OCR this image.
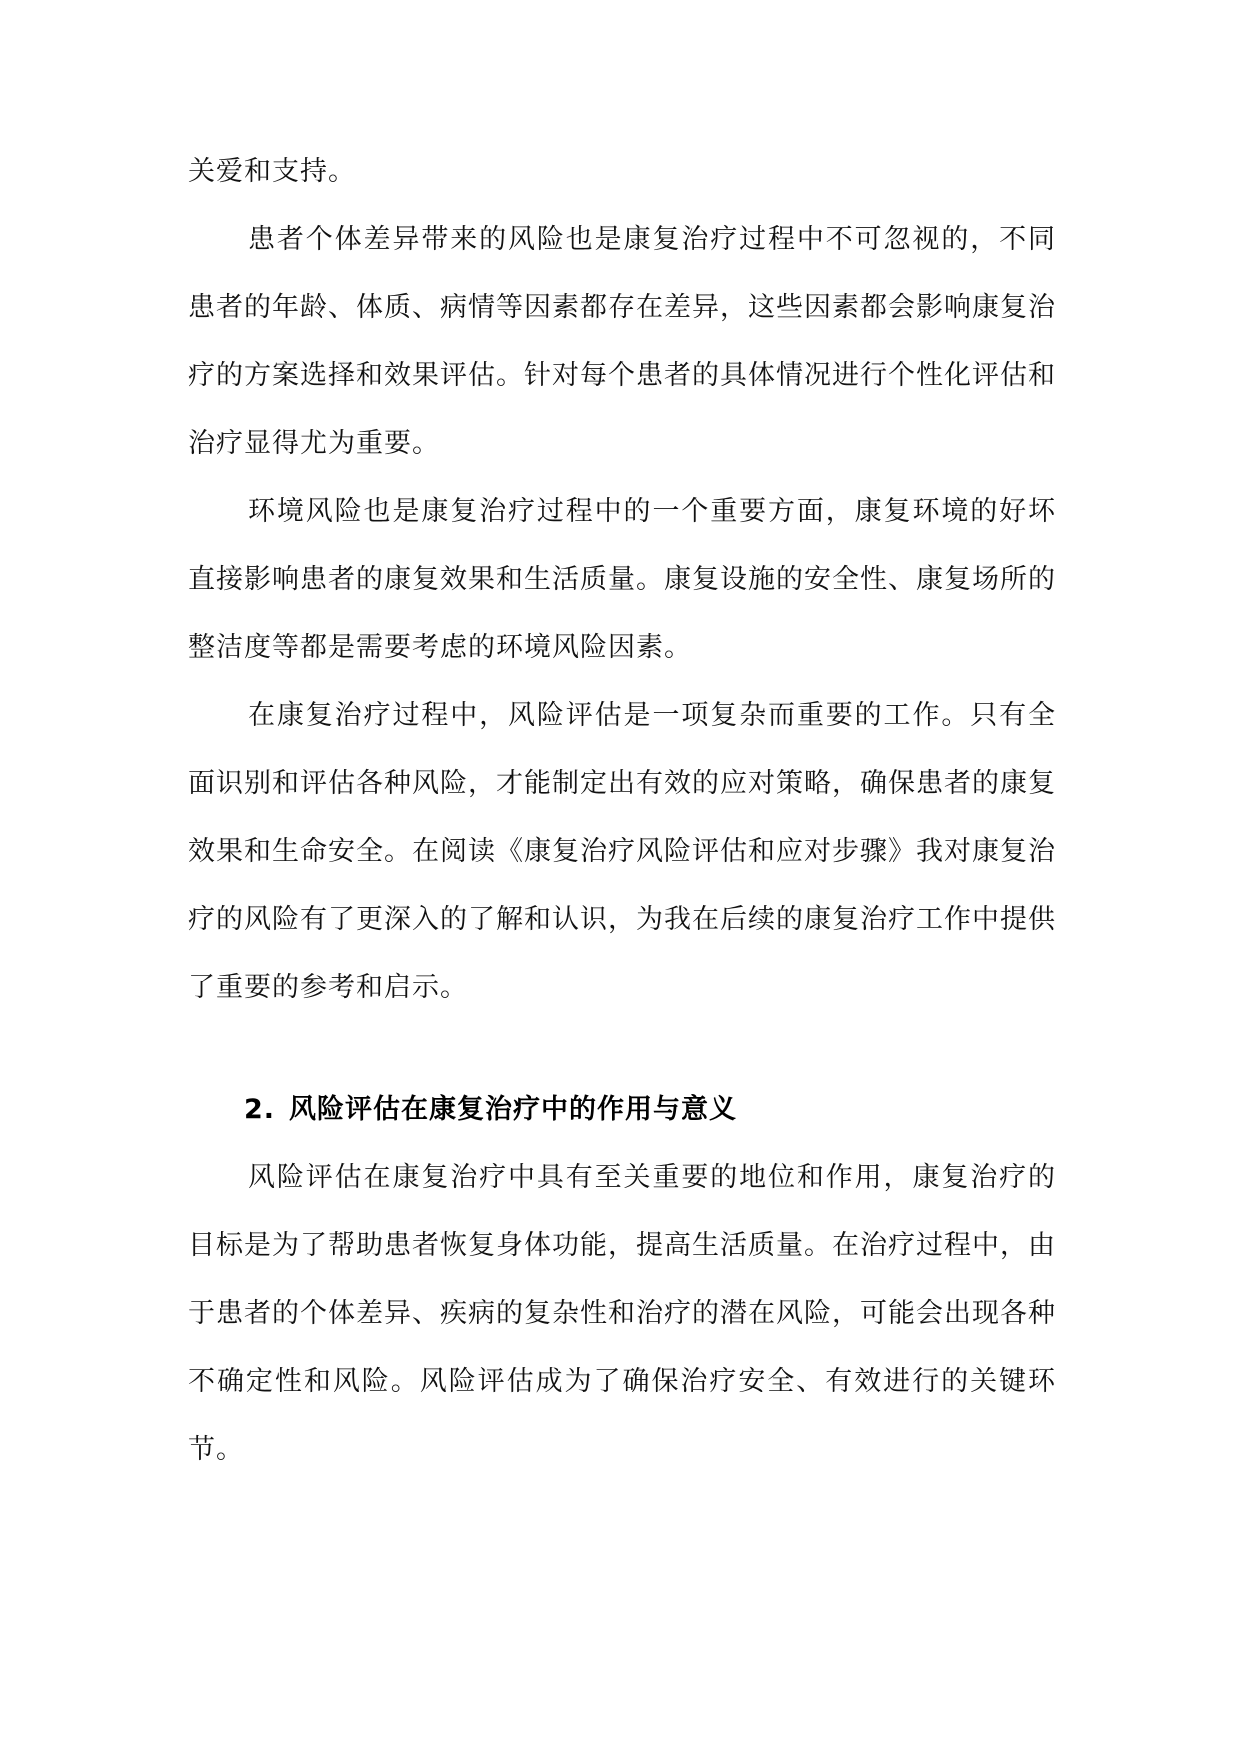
关爱和支持。

患者个体差异带来的风险也是康复治疗过程中不可忽视的，不同患者的年龄、体质、病情等因素都存在差异，这些因素都会影响康复治疗的方案选择和效果评估。针对每个患者的具体情况进行个性化评估和治疗显得尤为重要。

环境风险也是康复治疗过程中的一个重要方面，康复环境的好坏直接影响患者的康复效果和生活质量。康复设施的安全性、康复场所的整洁度等都是需要考虑的环境风险因素。

在康复治疗过程中，风险评估是一项复杂而重要的工作。只有全面识别和评估各种风险，才能制定出有效的应对策略，确保患者的康复效果和生命安全。在阅读《康复治疗风险评估和应对步骤》我对康复治疗的风险有了更深入的了解和认识，为我在后续的康复治疗工作中提供了重要的参考和启示。

2. 风险评估在康复治疗中的作用与意义

风险评估在康复治疗中具有至关重要的地位和作用，康复治疗的目标是为了帮助患者恢复身体功能，提高生活质量。在治疗过程中，由于患者的个体差异、疾病的复杂性和治疗的潜在风险，可能会出现各种不确定性和风险。风险评估成为了确保治疗安全、有效进行的关键环节。
